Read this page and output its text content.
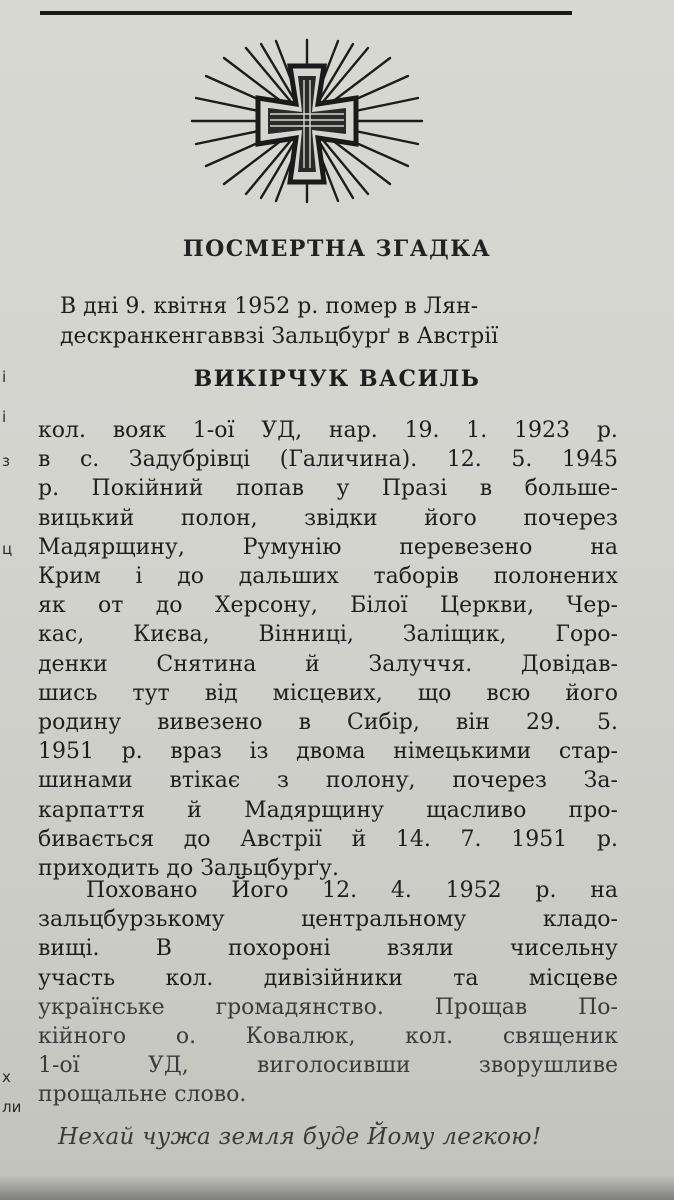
і
і
з
ц
х
ли
ПОСМЕРТНА ЗГАДКА
В дні 9. квітня 1952 р. помер в Лян-
дескранкенгаввзі Зальцбурґ в Австрії
ВИКІРЧУК ВАСИЛЬ
кол. вояк 1-ої УД, нар. 19. 1. 1923 р.
в с. Задубрівці (Галичина). 12. 5. 1945
р. Покійний попав у Празі в большe-
вицький полон, звідки його почерез
Мадярщину,	Румунію	перевезено	на
Крим і до дальших таборів полонених
як от до Херсону, Білої Церкви, Чер-
кас, Києва, Вінниці, Заліщик, Горо-
денки Снятина й Залуччя. Довідав-
шись тут від місцевих, що всю його
родину вивезено в Сибір, він 29. 5.
1951 р. враз із двома німецькими стар-
шинами втікає з полону, почерез За-
карпаття й Мадярщину щасливо про-
бивається до Австрії й 14. 7. 1951 р.
приходить до Зальцбурґу.
Поховано Його 12. 4. 1952 р. на
зальцбурзькому	центральному	кладо-
вищі.	В	похороні	взяли	чисельну
участь кол. дивізійники та місцеве
українське громадянство. Прощав По-
кійного о. Ковалюк, кол. священик
1-ої	УД,	виголосивши	зворушливе
прощальне слово.
Нехай чужа земля буде Йому легкою!
